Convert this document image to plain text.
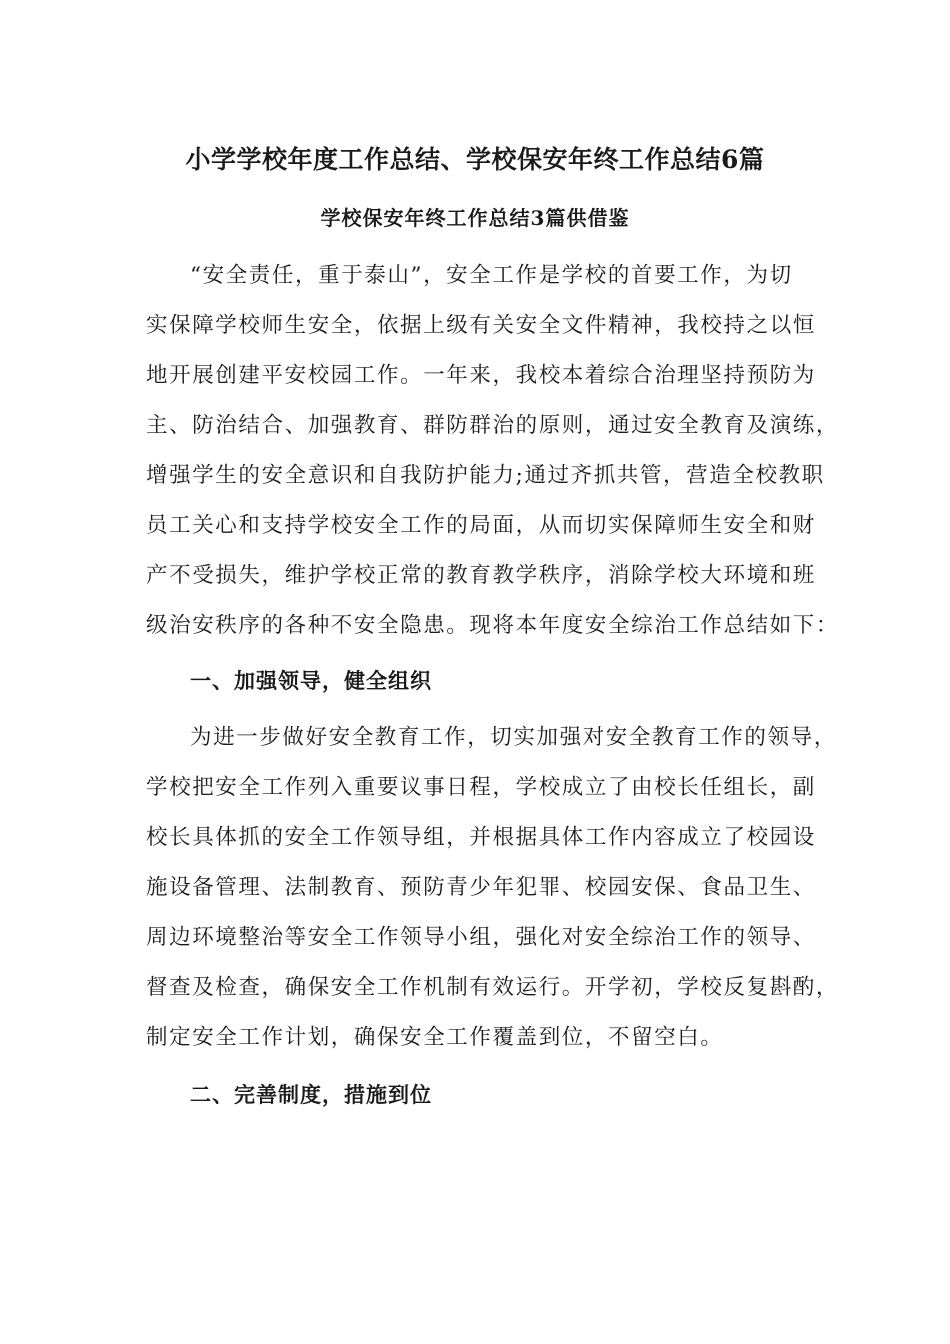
小学学校年度工作总结、学校保安年终工作总结6篇
学校保安年终工作总结3篇供借鉴
“安全责任，重于泰山”，安全工作是学校的首要工作，为切
实保障学校师生安全，依据上级有关安全文件精神，我校持之以恒
地开展创建平安校园工作。一年来，我校本着综合治理坚持预防为
主、防治结合、加强教育、群防群治的原则，通过安全教育及演练，
增强学生的安全意识和自我防护能力;通过齐抓共管，营造全校教职
员工关心和支持学校安全工作的局面，从而切实保障师生安全和财
产不受损失，维护学校正常的教育教学秩序，消除学校大环境和班
级治安秩序的各种不安全隐患。现将本年度安全综治工作总结如下：
一、加强领导，健全组织
为进一步做好安全教育工作，切实加强对安全教育工作的领导，
学校把安全工作列入重要议事日程，学校成立了由校长任组长，副
校长具体抓的安全工作领导组，并根据具体工作内容成立了校园设
施设备管理、法制教育、预防青少年犯罪、校园安保、食品卫生、
周边环境整治等安全工作领导小组，强化对安全综治工作的领导、
督查及检查，确保安全工作机制有效运行。开学初，学校反复斟酌，
制定安全工作计划，确保安全工作覆盖到位，不留空白。
二、完善制度，措施到位
